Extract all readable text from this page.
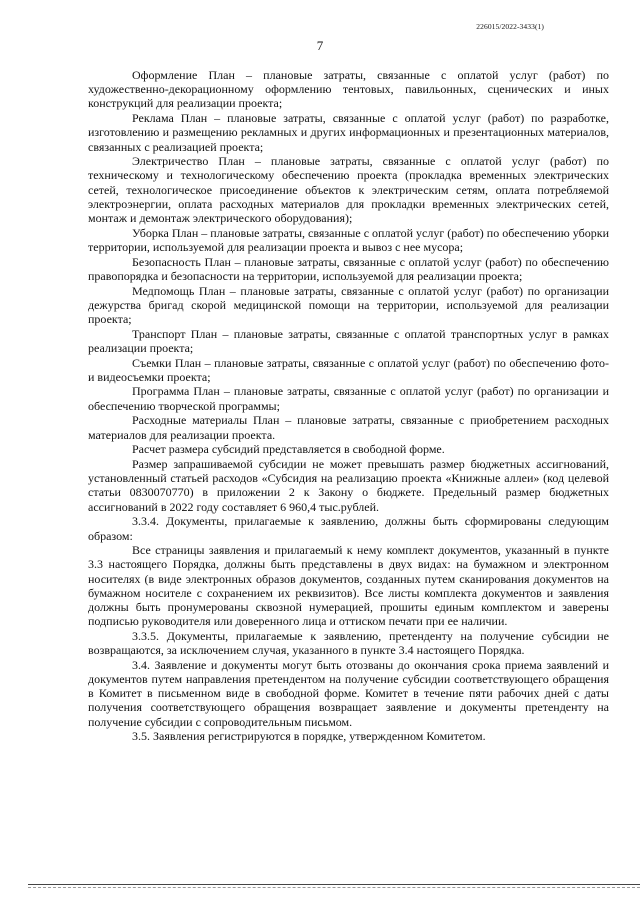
226015/2022-3433(1)
7

Оформление План – плановые затраты, связанные с оплатой услуг (работ) по художественно-декорационному оформлению тентовых, павильонных, сценических и иных конструкций для реализации проекта;

Реклама План – плановые затраты, связанные с оплатой услуг (работ) по разработке, изготовлению и размещению рекламных и других информационных и презентационных материалов, связанных с реализацией проекта;

Электричество План – плановые затраты, связанные с оплатой услуг (работ) по техническому и технологическому обеспечению проекта (прокладка временных электрических сетей, технологическое присоединение объектов к электрическим сетям, оплата потребляемой электроэнергии, оплата расходных материалов для прокладки временных электрических сетей, монтаж и демонтаж электрического оборудования);

Уборка План – плановые затраты, связанные с оплатой услуг (работ) по обеспечению уборки территории, используемой для реализации проекта и вывоз с нее мусора;

Безопасность План – плановые затраты, связанные с оплатой услуг (работ) по обеспечению правопорядка и безопасности на территории, используемой для реализации проекта;

Медпомощь План – плановые затраты, связанные с оплатой услуг (работ) по организации дежурства бригад скорой медицинской помощи на территории, используемой для реализации проекта;

Транспорт План – плановые затраты, связанные с оплатой транспортных услуг в рамках реализации проекта;

Съемки План – плановые затраты, связанные с оплатой услуг (работ) по обеспечению фото- и видеосъемки проекта;

Программа План – плановые затраты, связанные с оплатой услуг (работ) по организации и обеспечению творческой программы;

Расходные материалы План – плановые затраты, связанные с приобретением расходных материалов для реализации проекта.

Расчет размера субсидий представляется в свободной форме.

Размер запрашиваемой субсидии не может превышать размер бюджетных ассигнований, установленный статьей расходов «Субсидия на реализацию проекта «Книжные аллеи» (код целевой статьи 0830070770) в приложении 2 к Закону о бюджете. Предельный размер бюджетных ассигнований в 2022 году составляет 6 960,4 тыс.рублей.

3.3.4. Документы, прилагаемые к заявлению, должны быть сформированы следующим образом:

Все страницы заявления и прилагаемый к нему комплект документов, указанный в пункте 3.3 настоящего Порядка, должны быть представлены в двух видах: на бумажном и электронном носителях (в виде электронных образов документов, созданных путем сканирования документов на бумажном носителе с сохранением их реквизитов). Все листы комплекта документов и заявления должны быть пронумерованы сквозной нумерацией, прошиты единым комплектом и заверены подписью руководителя или доверенного лица и оттиском печати при ее наличии.

3.3.5. Документы, прилагаемые к заявлению, претенденту на получение субсидии не возвращаются, за исключением случая, указанного в пункте 3.4 настоящего Порядка.

3.4. Заявление и документы могут быть отозваны до окончания срока приема заявлений и документов путем направления претендентом на получение субсидии соответствующего обращения в Комитет в письменном виде в свободной форме. Комитет в течение пяти рабочих дней с даты получения соответствующего обращения возвращает заявление и документы претенденту на получение субсидии с сопроводительным письмом.

3.5. Заявления регистрируются в порядке, утвержденном Комитетом.
